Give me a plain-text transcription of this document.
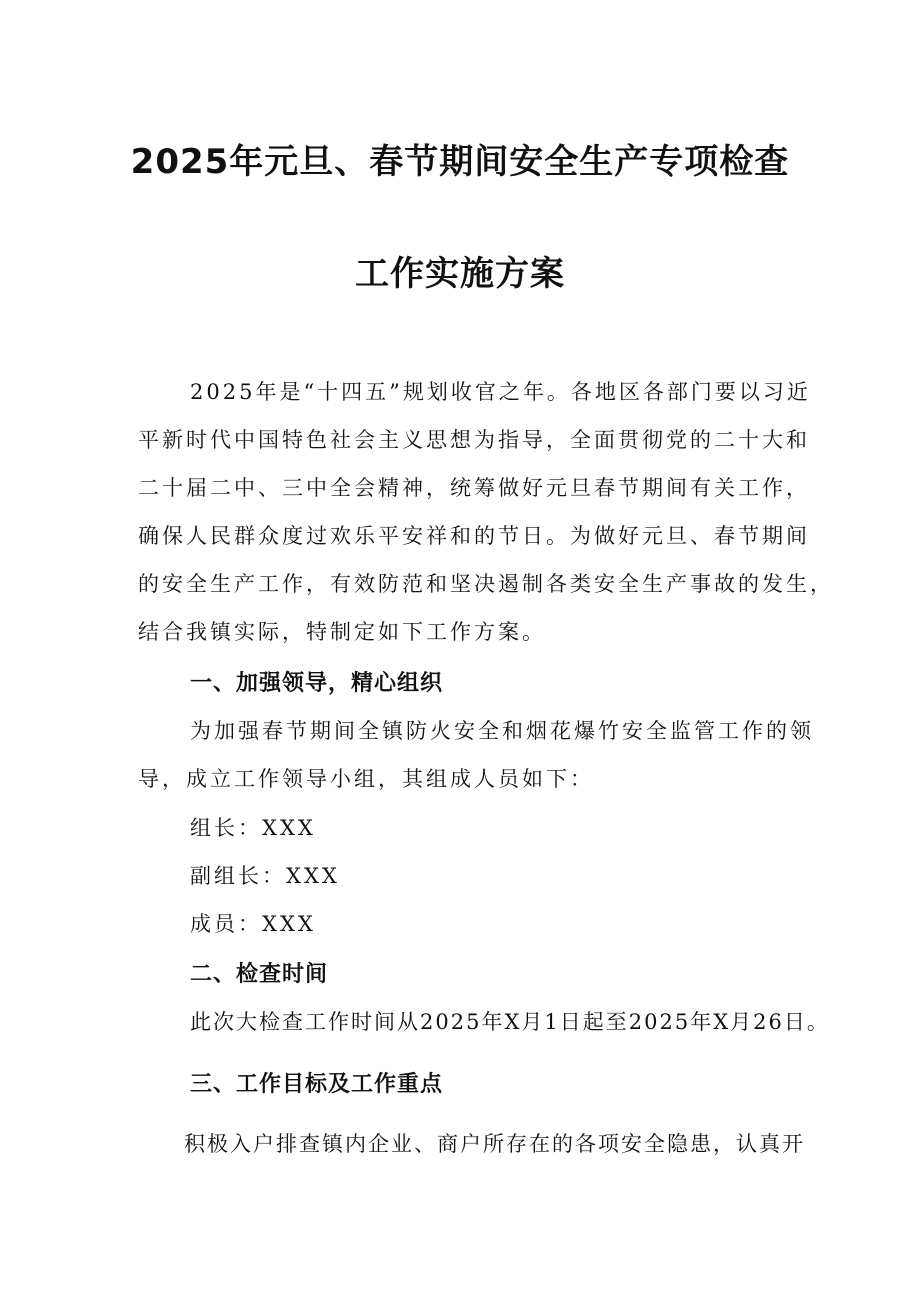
2025年元旦、春节期间安全生产专项检查
工作实施方案

2025年是“十四五”规划收官之年。各地区各部门要以习近

平新时代中国特色社会主义思想为指导，全面贯彻党的二十大和

二十届二中、三中全会精神，统筹做好元旦春节期间有关工作，

确保人民群众度过欢乐平安祥和的节日。为做好元旦、春节期间

的安全生产工作，有效防范和坚决遏制各类安全生产事故的发生，

结合我镇实际，特制定如下工作方案。

一、加强领导，精心组织

为加强春节期间全镇防火安全和烟花爆竹安全监管工作的领

导，成立工作领导小组，其组成人员如下：

组长：XXX

副组长：XXX

成员：XXX

二、检查时间

此次大检查工作时间从2025年X月1日起至2025年X月26日。

三、工作目标及工作重点

积极入户排查镇内企业、商户所存在的各项安全隐患，认真开
